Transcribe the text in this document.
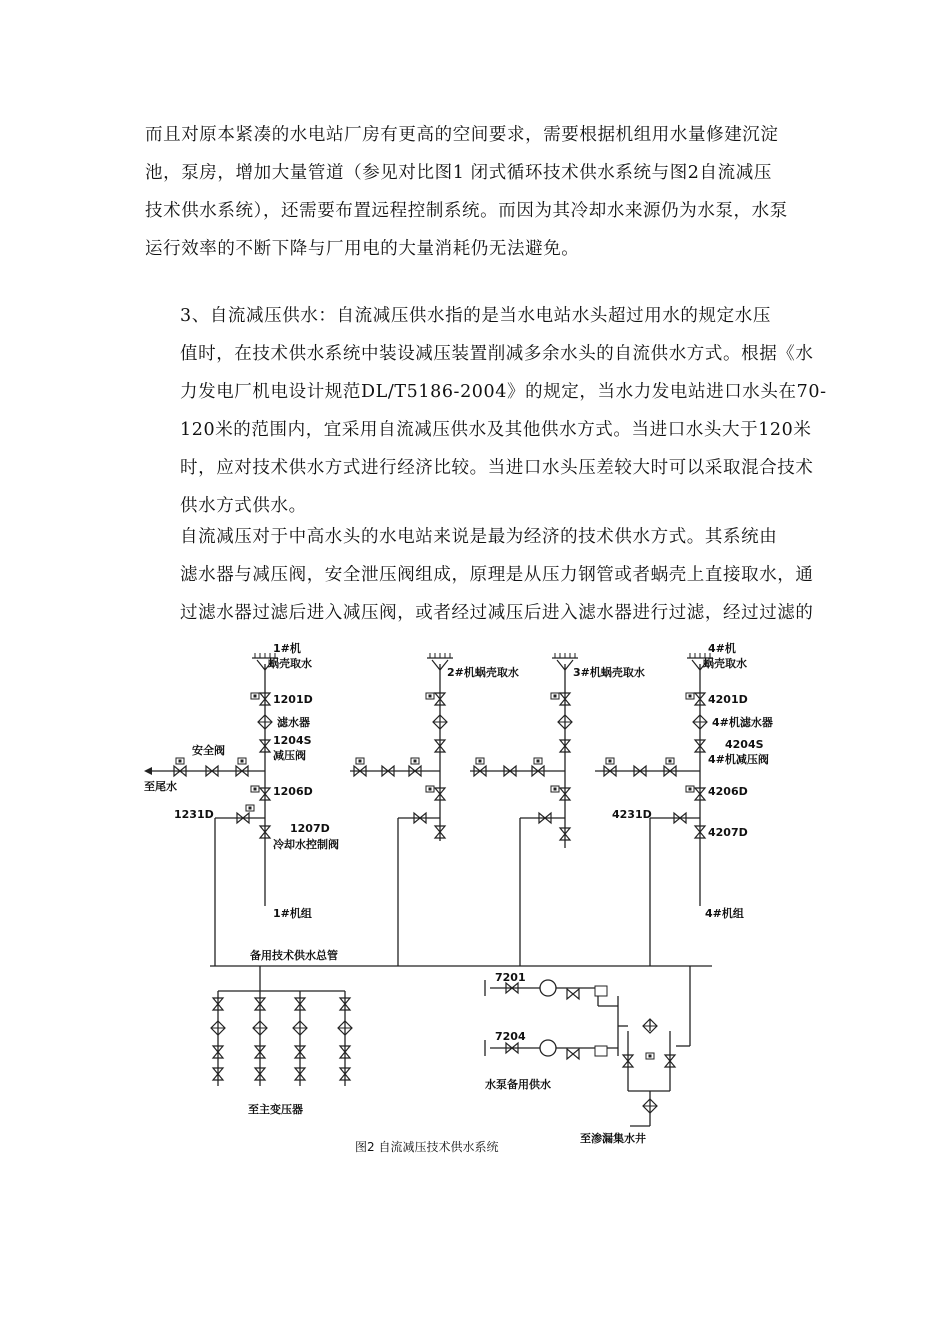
而且对原本紧凑的水电站厂房有更高的空间要求，需要根据机组用水量修建沉淀
池，泵房，增加大量管道（参见对比图1 闭式循环技术供水系统与图2自流减压
技术供水系统），还需要布置远程控制系统。而因为其冷却水来源仍为水泵，水泵
运行效率的不断下降与厂用电的大量消耗仍无法避免。
3、自流减压供水：自流减压供水指的是当水电站水头超过用水的规定水压
值时，在技术供水系统中装设减压装置削减多余水头的自流供水方式。根据《水
力发电厂机电设计规范DL/T5186-2004》的规定，当水力发电站进口水头在70-
120米的范围内，宜采用自流减压供水及其他供水方式。当进口水头大于120米
时，应对技术供水方式进行经济比较。当进口水头压差较大时可以采取混合技术
供水方式供水。
自流减压对于中高水头的水电站来说是最为经济的技术供水方式。其系统由
滤水器与减压阀，安全泄压阀组成，原理是从压力钢管或者蜗壳上直接取水，通
过滤水器过滤后进入减压阀，或者经过减压后进入滤水器进行过滤，经过过滤的
1#机
蜗壳取水
2#机蜗壳取水	3#机蜗壳取水
4#机
蜗壳取水
1201D
滤水器
1204S
减压阀
安全阀
至尾水	1206D
1231D
1207D
冷却水控制阀
1#机组
4201D
4#机滤水器
4204S
4#机减压阀
4206D
4231D
4207D
4#机组
备用技术供水总管
7201
7204
水泵备用供水
至主变压器
至渗漏集水井
图2 自流减压技术供水系统
